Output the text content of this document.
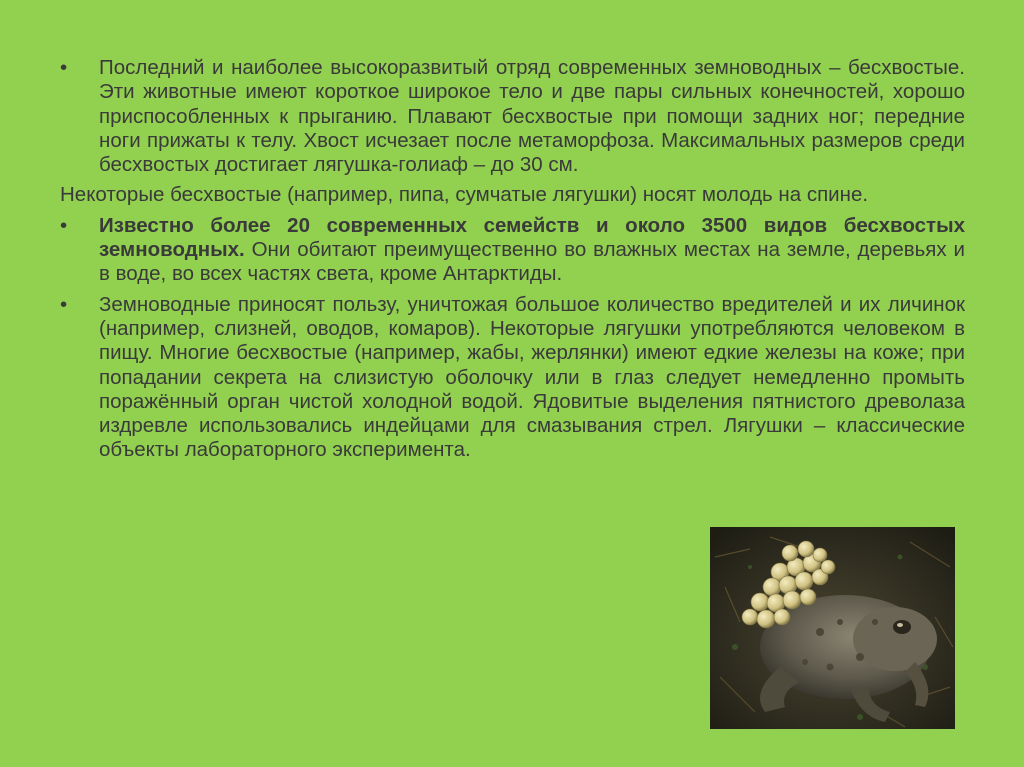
•	Последний и наиболее высокоразвитый отряд современных земноводных – бесхвостые. Эти животные имеют короткое широкое тело и две пары сильных конечностей, хорошо приспособленных к прыганию. Плавают бесхвостые при помощи задних ног; передние ноги прижаты к телу. Хвост исчезает после метаморфоза. Максимальных размеров среди бесхвостых достигает лягушка-голиаф – до 30 см.

Некоторые бесхвостые (например, пипа, сумчатые лягушки) носят молодь на спине.

•	Известно более 20 современных семейств и около 3500 видов бесхвостых земноводных. Они обитают преимущественно во влажных местах на земле, деревьях и в воде, во всех частях света, кроме Антарктиды.

•	Земноводные приносят пользу, уничтожая большое количество вредителей и их личинок (например, слизней, оводов, комаров). Некоторые лягушки употребляются человеком в пищу. Многие бесхвостые (например, жабы, жерлянки) имеют едкие железы на коже; при попадании секрета на слизистую оболочку или в глаз следует немедленно промыть поражённый орган чистой холодной водой. Ядовитые выделения пятнистого древолаза издревле использовались индейцами для смазывания стрел. Лягушки – классические объекты лабораторного эксперимента.
